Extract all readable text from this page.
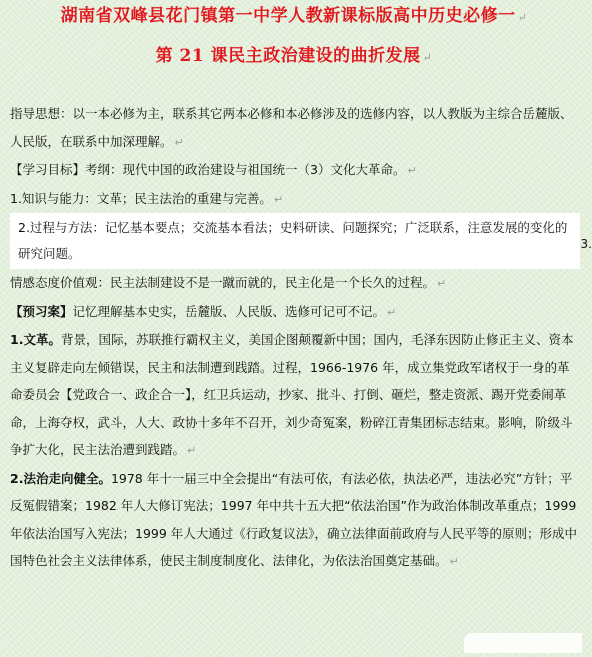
湖南省双峰县花门镇第一中学人教新课标版高中历史必修一 ↵
第 21 课民主政治建设的曲折发展 ↵

指导思想：以一本必修为主，联系其它两本必修和本必修涉及的选修内容，以人教版为主综合岳麓版、人民版，在联系中加深理解。 ↵

【学习目标】考纲：现代中国的政治建设与祖国统一（3）文化大革命。 ↵

1.知识与能力：文革；民主法治的重建与完善。 ↵

2.过程与方法：记忆基本要点；交流基本看法；史料研读、问题探究；广泛联系，注意发展的变化的研究问题。
3.

情感态度价值观：民主法制建设不是一蹴而就的，民主化是一个长久的过程。 ↵

【预习案】记忆理解基本史实，岳麓版、人民版、选修可记可不记。 ↵

1.文革。背景，国际，苏联推行霸权主义，美国企图颠覆新中国；国内，毛泽东因防止修正主义、资本主义复辟走向左倾错误，民主和法制遭到践踏。过程，1966-1976 年，成立集党政军诸权于一身的革命委员会【党政合一、政企合一】，红卫兵运动，抄家、批斗、打倒、砸烂，整走资派、踢开党委闹革命，上海夺权，武斗，人大、政协十多年不召开，刘少奇冤案，粉碎江青集团标志结束。影响，阶级斗争扩大化，民主法治遭到践踏。 ↵

2.法治走向健全。1978 年十一届三中全会提出“有法可依，有法必依，执法必严，违法必究”方针；平反冤假错案；1982 年人大修订宪法；1997 年中共十五大把“依法治国”作为政治体制改革重点；1999 年依法治国写入宪法；1999 年人大通过《行政复议法》，确立法律面前政府与人民平等的原则；形成中国特色社会主义法律体系，使民主制度制度化、法律化，为依法治国奠定基础。 ↵
